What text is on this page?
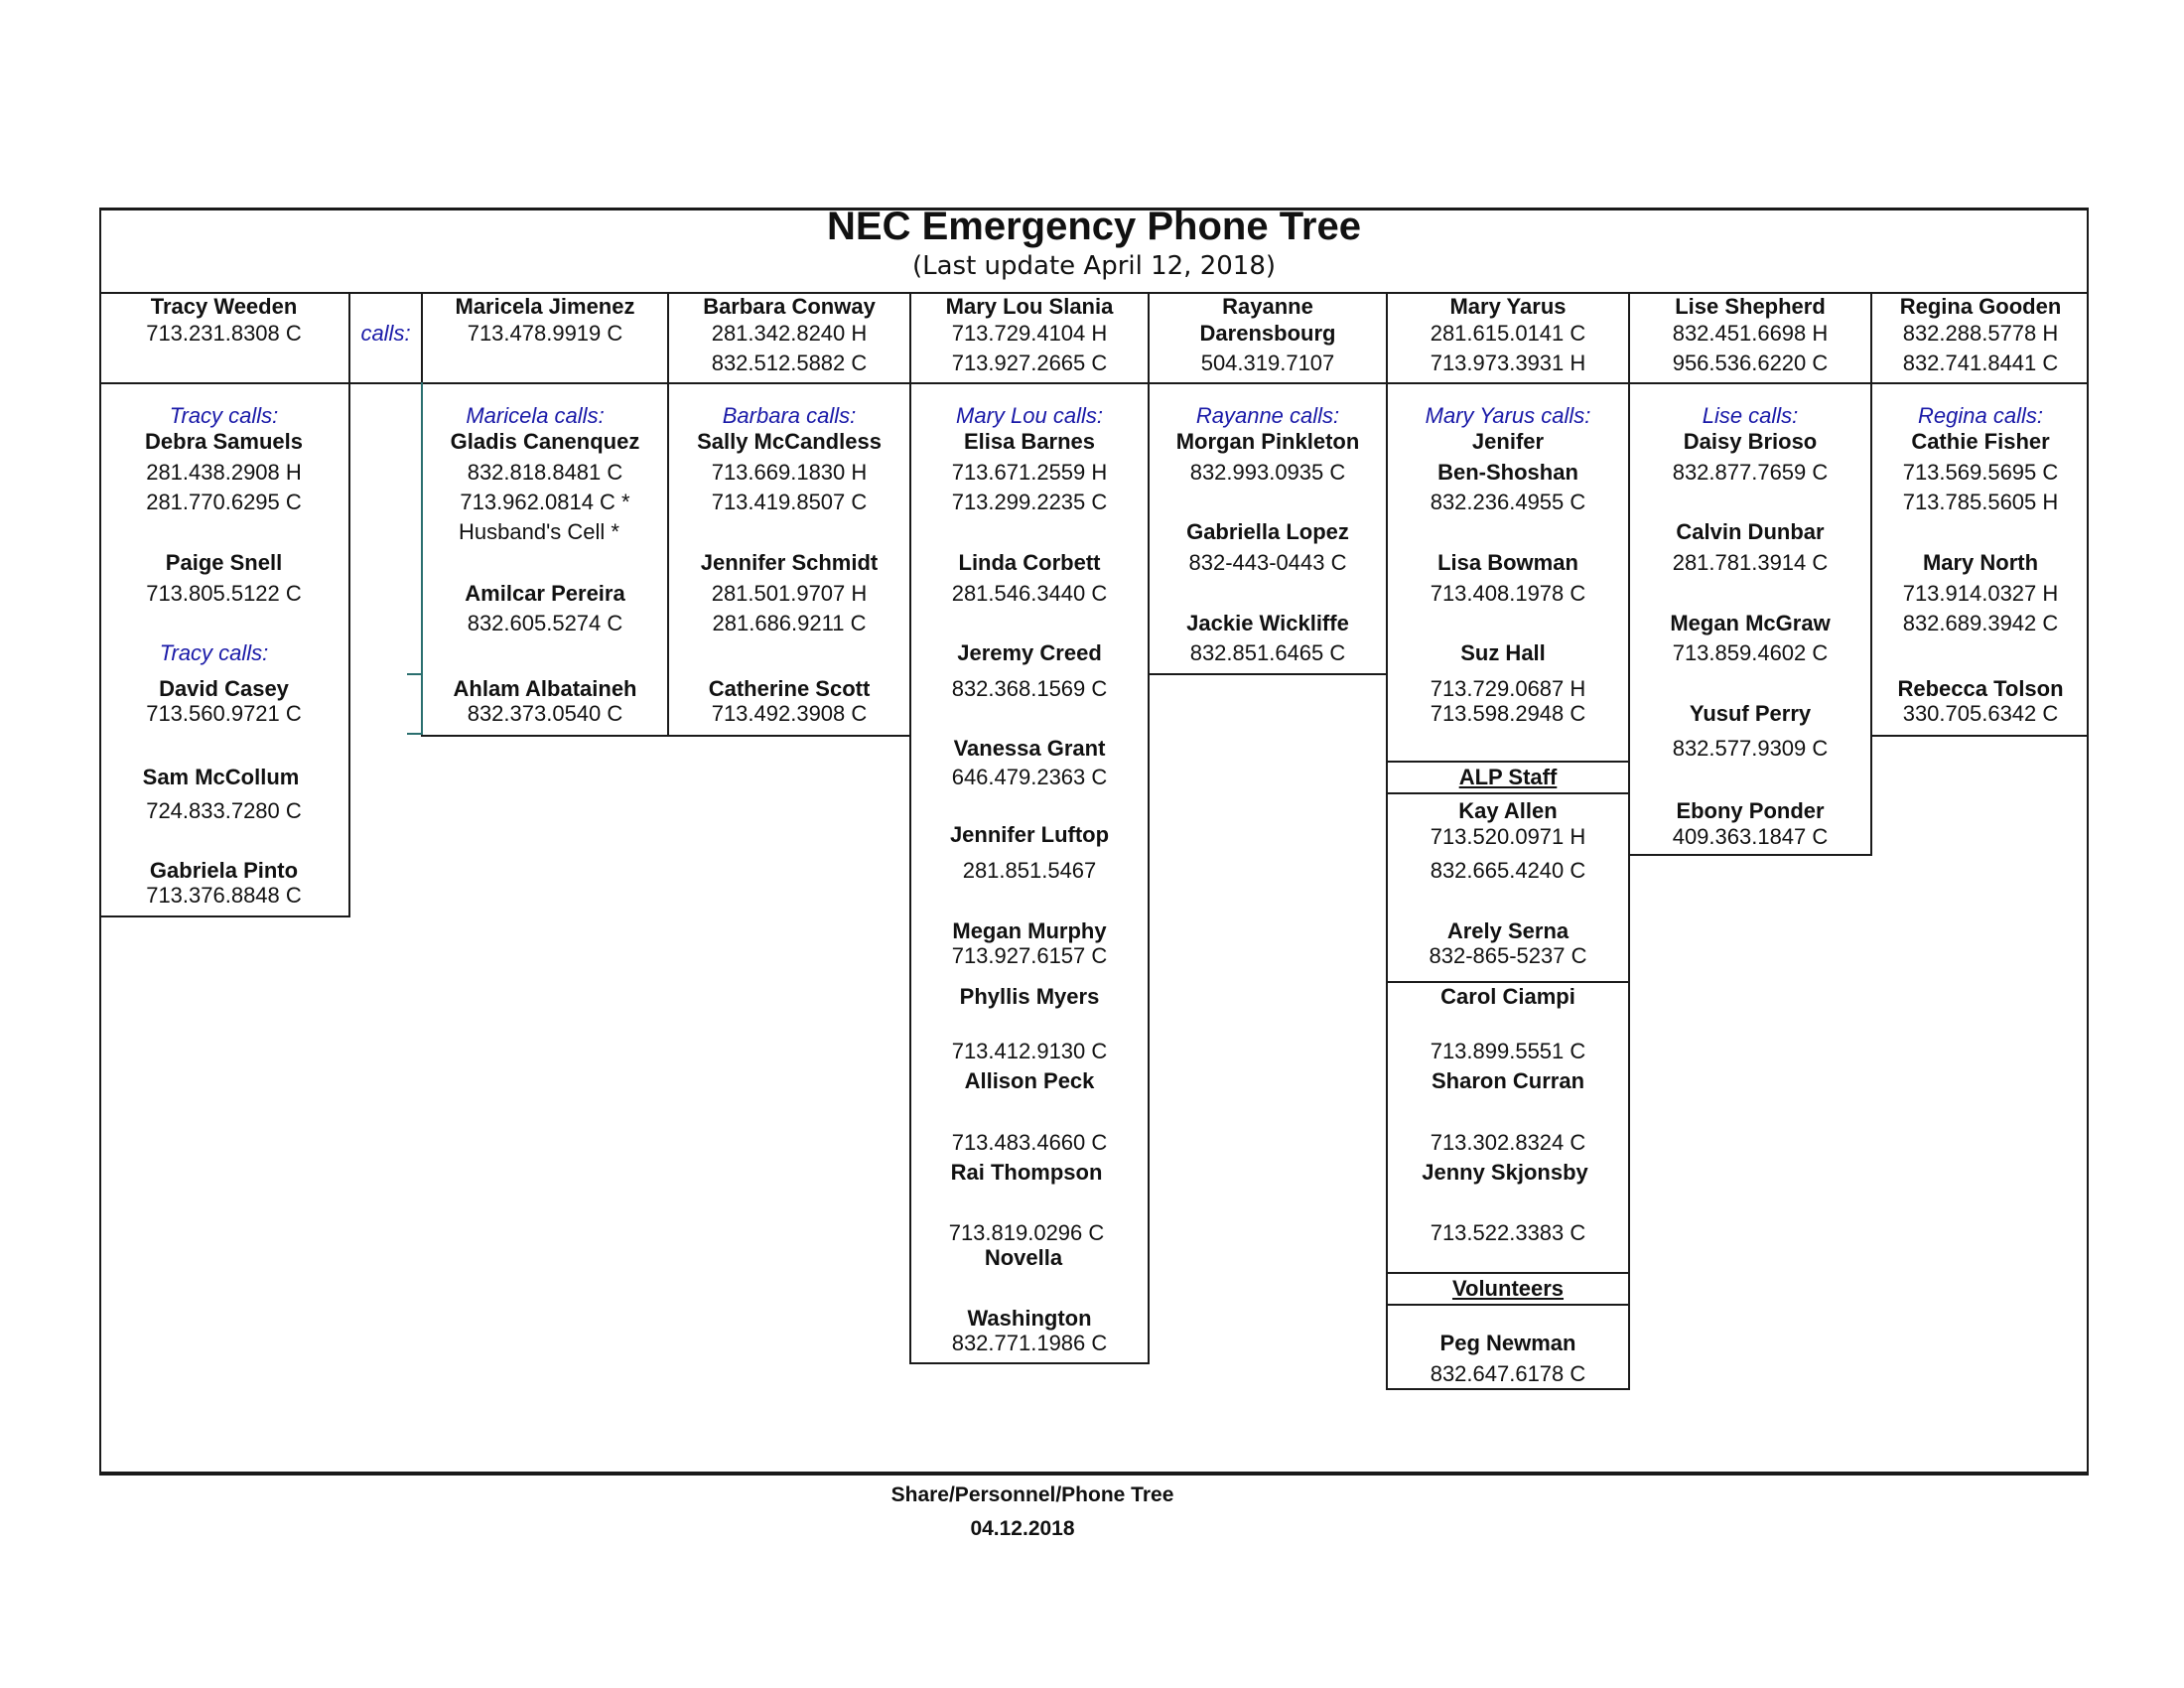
NEC Emergency Phone Tree
(Last update April 12, 2018)
Tracy Weeden
713.231.8308 C	calls:
Maricela Jimenez
713.478.9919 C
Barbara Conway
281.342.8240 H
832.512.5882 C
Mary Lou Slania
713.729.4104 H
713.927.2665 C
Rayanne
Darensbourg
504.319.7107
Mary Yarus
281.615.0141 C
713.973.3931 H
Lise Shepherd
832.451.6698 H
956.536.6220 C
Regina Gooden
832.288.5778 H
832.741.8441 C
Tracy calls:
Debra Samuels
281.438.2908 H
281.770.6295 C
Paige Snell
713.805.5122 C
Tracy calls:
David Casey
713.560.9721 C
Sam McCollum
724.833.7280 C
Gabriela Pinto
713.376.8848 C
Maricela calls:
Gladis Canenquez
832.818.8481 C
713.962.0814 C *
Husband's Cell *
Amilcar Pereira
832.605.5274 C
Ahlam Albataineh
832.373.0540 C
Barbara calls:
Sally McCandless
713.669.1830 H
713.419.8507 C
Jennifer Schmidt
281.501.9707 H
281.686.9211 C
Catherine Scott
713.492.3908 C
Mary Lou calls:
Elisa Barnes
713.671.2559 H
713.299.2235 C
Linda Corbett
281.546.3440 C
Jeremy Creed
832.368.1569 C
Vanessa Grant
646.479.2363 C
Jennifer Luftop
281.851.5467
Megan Murphy
713.927.6157 C
Phyllis Myers
713.412.9130 C
Allison Peck
713.483.4660 C
Rai Thompson
713.819.0296 C
Novella
Washington
832.771.1986 C
Rayanne calls:
Morgan Pinkleton
832.993.0935 C
Gabriella Lopez
832-443-0443 C
Jackie Wickliffe
832.851.6465 C
Mary Yarus calls:
Jenifer
Ben-Shoshan
832.236.4955 C
Lisa Bowman
713.408.1978 C
Suz Hall
713.729.0687 H
713.598.2948 C
Kay Allen
713.520.0971 H
832.665.4240 C
Arely Serna
832-865-5237 C
Carol Ciampi
713.899.5551 C
Sharon Curran
713.302.8324 C
Jenny Skjonsby
713.522.3383 C
Peg Newman
832.647.6178 C
ALP Staff
Volunteers
Lise calls:
Daisy Brioso
832.877.7659 C
Calvin Dunbar
281.781.3914 C
Megan McGraw
713.859.4602 C
Yusuf Perry
832.577.9309 C
Ebony Ponder
409.363.1847 C
Regina calls:
Cathie Fisher
713.569.5695 C
713.785.5605 H
Mary North
713.914.0327 H
832.689.3942 C
Rebecca Tolson
330.705.6342 C
Share/Personnel/Phone Tree
04.12.2018
